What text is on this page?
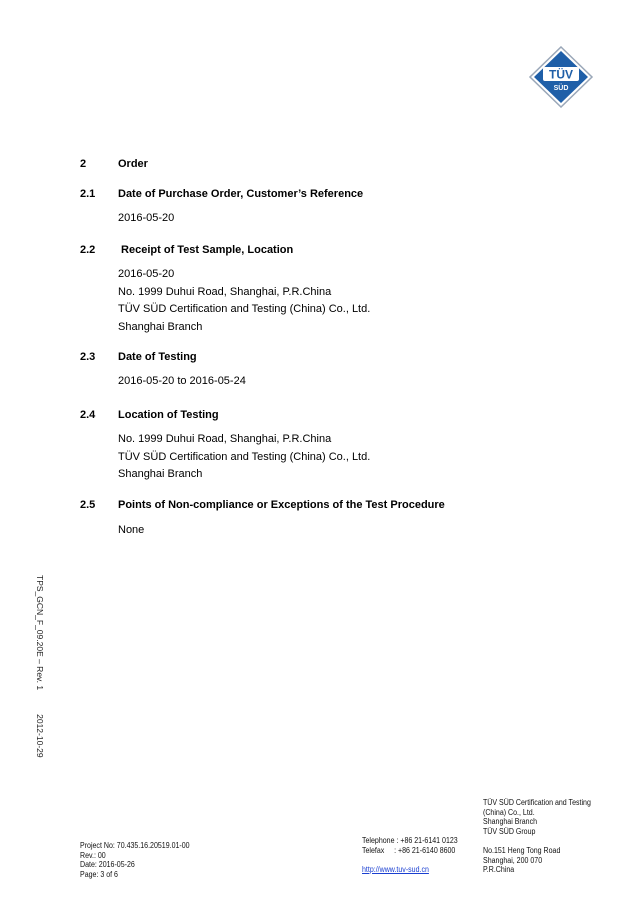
TÜV
SÜD
2	Order
2.1	Date of Purchase Order, Customer’s Reference
2016-05-20
2.2	Receipt of Test Sample, Location
2016-05-20
No. 1999 Duhui Road, Shanghai, P.R.China
TÜV SÜD Certification and Testing (China) Co., Ltd.
Shanghai Branch
2.3	Date of Testing
2016-05-20 to 2016-05-24
2.4	Location of Testing
No. 1999 Duhui Road, Shanghai, P.R.China
TÜV SÜD Certification and Testing (China) Co., Ltd.
Shanghai Branch
2.5	Points of Non-compliance or Exceptions of the Test Procedure
None
TPS_GCN_F_09.20E – Rev. 12012-10-29
Project No: 70.435.16.20519.01-00
Rev.: 00
Date: 2016-05-26
Page: 3 of 6
Telephone : +86 21-6141 0123
Telefax     : +86 21-6140 8600
http://www.tuv-sud.cn
TÜV SÜD Certification and Testing
(China) Co., Ltd.
Shanghai Branch
TÜV SÜD Group
No.151 Heng Tong Road
Shanghai, 200 070
P.R.China
